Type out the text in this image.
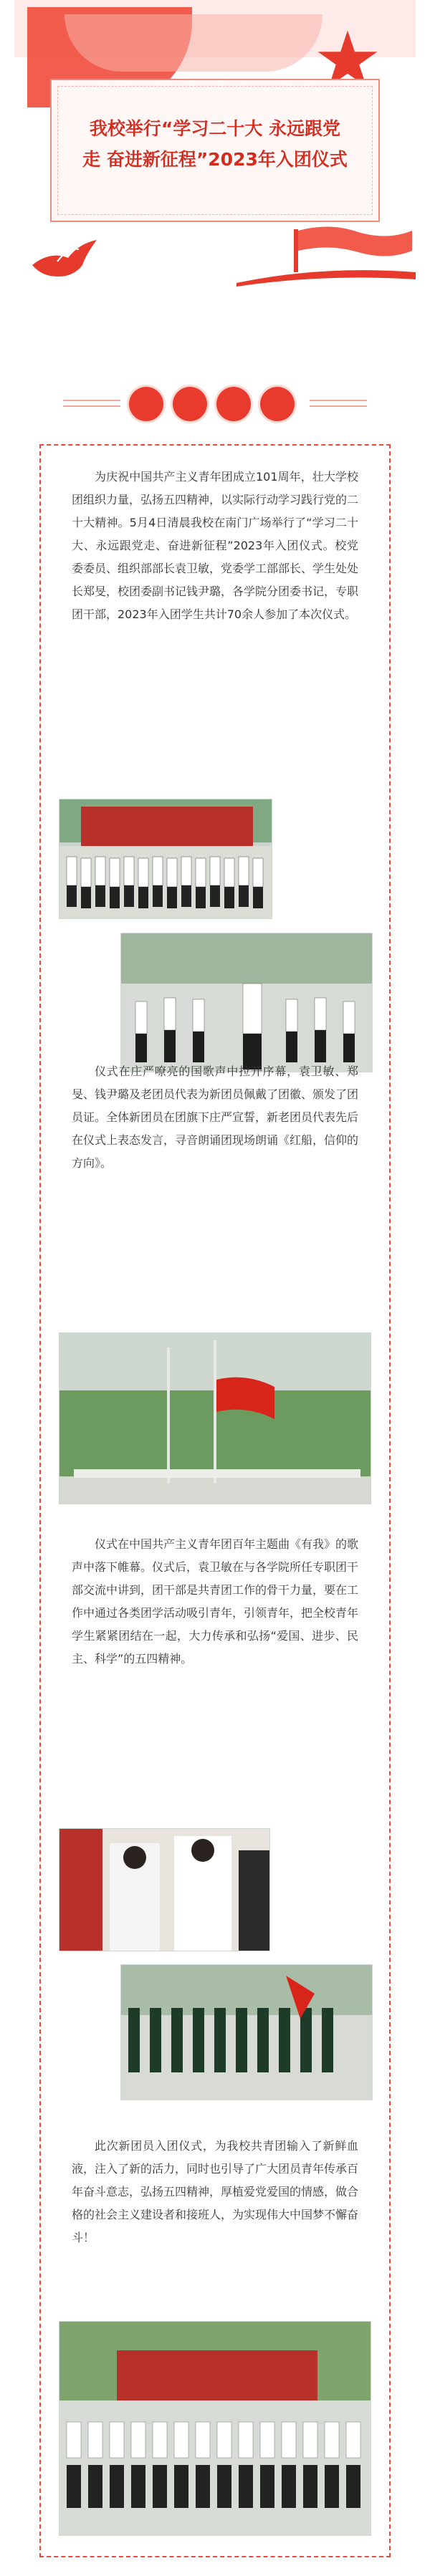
我校举行“学习二十大 永远跟党
走 奋进新征程”2023年入团仪式

为庆祝中国共产主义青年团成立101周年，壮大学校团组织力量，弘扬五四精神，以实际行动学习践行党的二十大精神。5月4日清晨我校在南门广场举行了“学习二十大、永远跟党走、奋进新征程”2023年入团仪式。校党委委员、组织部部长袁卫敏，党委学工部部长、学生处处长郑旻，校团委副书记钱尹璐，各学院分团委书记，专职团干部，2023年入团学生共计70余人参加了本次仪式。

仪式在庄严嘹亮的国歌声中拉开序幕，袁卫敏、郑旻、钱尹璐及老团员代表为新团员佩戴了团徽、颁发了团员证。全体新团员在团旗下庄严宣誓，新老团员代表先后在仪式上表态发言，寻音朗诵团现场朗诵《红船，信仰的方向》。

仪式在中国共产主义青年团百年主题曲《有我》的歌声中落下帷幕。仪式后，袁卫敏在与各学院所任专职团干部交流中讲到，团干部是共青团工作的骨干力量，要在工作中通过各类团学活动吸引青年，引领青年，把全校青年学生紧紧团结在一起，大力传承和弘扬“爱国、进步、民主、科学”的五四精神。

此次新团员入团仪式，为我校共青团输入了新鲜血液，注入了新的活力，同时也引导了广大团员青年传承百年奋斗意志，弘扬五四精神，厚植爱党爱国的情感，做合格的社会主义建设者和接班人，为实现伟大中国梦不懈奋斗！
